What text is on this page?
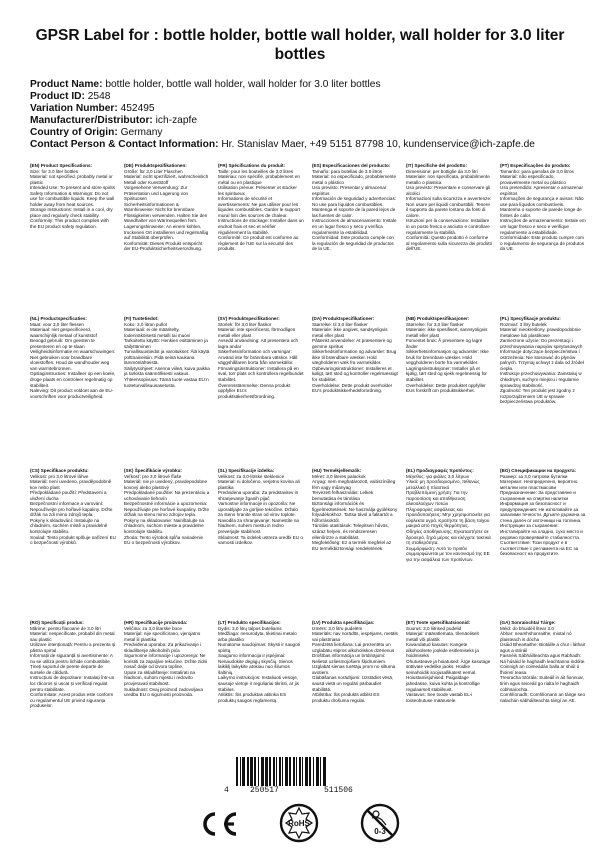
GPSR Label for : bottle holder, bottle wall holder, wall holder for 3.0 liter bottles
Product Name: bottle holder, bottle wall holder, wall holder for 3.0 liter bottles
Product ID: 2548
Variation Number: 452495
Manufacturer/Distributor: ich-zapfe
Country of Origin: Germany
Contact Person & Contact Information: Hr. Stanislav Maer, +49 5151 87798 10, kundenservice@ich-zapfe.de
(EN) Product Specifications:
Size: for 3.0 liter bottles
Material: not specified, probably metal or plastic
Intended Use: To present and store spirits
Safety Information & Warnings: Do not use for combustible liquids. Keep the wall holder away from heat sources.
Storage Instructions: Install in a cool, dry place and regularly check stability.
Conformity: This product complies with the EU product safety regulation.
(DE) Produktspezifikationen:
Größe: für 3,0 Liter Flaschen
Material: nicht spezifiziert, wahrscheinlich Metall oder Kunststoff
Vorgesehene Verwendung: Zur Präsentation und Lagerung von Spirituosen
Sicherheitsinformationen & Warnhinweise: Nicht für brennbare Flüssigkeiten verwenden. Halten Sie den Wandhalter von Wärmequellen fern.
Lagerungshinweise: An einem kühlen, trockenen Ort installieren und regelmäßig auf Stabilität überprüfen.
Konformität: Dieses Produkt entspricht der EU-Produktsicherheitsverordnung.
(FR) Spécifications du produit:
Taille: pour les bouteilles de 3,0 litres
Matériau: non spécifié, probablement en métal ou en plastique
Utilisation prévue: Présenter et stocker les spiritueux
Informations de sécurité et avertissements: Ne pas utiliser pour les liquides combustibles. Garder le support mural loin des sources de chaleur.
Instructions de stockage: Installer dans un endroit frais et sec et vérifier régulièrement la stabilité.
Conformité: Ce produit est conforme au règlement de l'UE sur la sécurité des produits.
(ES) Especificaciones del producto:
Tamaño: para botellas de 3.0 litros
Material: no especificado, probablemente metal o plástico
Uso previsto: Presentar y almacenar espíritus
Información de seguridad y advertencias: No use para líquidos combustibles. Mantenga el soporte de la pared lejos de las fuentes de calor.
Instrucciones de almacenamiento: Instale en un lugar fresco y seco y verifica regularmente la estabilidad.
Conformidad: Este producto cumple con la regulación de seguridad de productos de la UE.
(IT) Specifiche del prodotto:
Dimensione: per bottiglie da 3.0 litri
Materiale: non specificata, probabilmente metallo o plastica
Uso previsto: Presentare e conservare gli alcolici
Informazioni sulla sicurezza e avvertenze: Non usare per liquidi combustibili. Tenere il supporto da parete lontano da fonti di calore.
Istruzioni per la conservazione: Installare in un posto fresco e asciutto e controllare regolarmente la stabilità.
Conformità: Questo prodotto è conforme al regolamento sulla sicurezza dei prodotti dell'UE.
(PT) Especificações do produto:
Tamanho: para garrafas de 3,0 litros
Material: não especificado, provavelmente metal ou plástico
Uso pretendido: Apresentar e armazenar espíritos
Informações de segurança e avisos: Não use para líquidos combustíveis. Mantenha o suporte de parede longe de fontes de calor.
Instruções de armazenamento: Instale em um lugar fresco e seco e verifique regularmente a estabilidade.
Conformidade: Este produto cumpre com o regulamento de segurança de produtos da UE.
(NL) Productspecificaties:
Maat: voor 3,0 liter flessen
Materiaal: niet gespecificeerd, waarschijnlijk metaal of kunststof
Beoogd gebruik: Om geesten te presenteren en op te slaan
Veiligheidsinformatie en waarschuwingen: Niet gebruiken voor brandbare vloeistoffen. Houd de wandhouder weg van warmtebronnen.
Opslaginstructies: Installeer op een koele, droge plaats en controleer regelmatig op stabiliteit.
Naleving: Dit product voldoet aan de EU-voorschriften voor productveiligheid.
(FI) Tuotetiedot:
Koko: 3,0 litran pullot
Materiaali: ei ole määritelty, todennäköisesti metalli tai muovi
Tarkoitettu käyttö: Henkien esittäminen ja säilyttäminen
Turvallisuustiedot ja varoitukset: Älä käytä polttoaineisiin. Pidä seinä kaukana lämmönlähteistä.
Säilytysohjeet: Asenna viileä, kuiva paikka ja tarkista säännöllisesti vakaus.
Yhteensopivuus: Tämä tuote vastaa EU:n tuoteturvallisuusasetusta.
(SV) Produktspecifikationer:
Storlek: för 3,0 liter flaskor
Material: inte specificerat, förmodligen metall eller plast
Avsedd användning: Att presentera och lagra andar
Säkerhetsinformation och varningar: Använd inte för brännbara vätskor. Håll väggshållaren borta från värmekällor.
Förvaringsinstruktioner: Installera på en sval, torr plats och kontrollera regelbundet stabilitet.
Överensstämmelse: Denna produkt uppfyller EU:s produktsäkerhetsförordning.
(DA) Produktspecifikationer:
Størrelse: til 3,0 liter flasker
Materiale: ikke angivet, sandsynligvis metal eller plast
Påtænkt anvendelse: At præsentere og gemme spiritus
Sikkerhedsinformation og advarsler: Brug ikke til brændbare væsker. Hold vægholderen væk fra varmekilder.
Opbevaringsinstruktioner: Installeres et køligt, tørt sted og kontroller regelmæssigt for stabilitet.
Overholdelse: Dette produkt overholder EU's produktsikkerhedsforordning.
(NB) Produktspesifikasjoner:
Størrelse: for 3,0 liter flasker
Materiale: ikke spesifisert, sannsynligvis metall eller plast
Forventet bruk: Å presentere og lagre ånder
Sikkerhetsinformasjon og advarsler: Ikke bruk for brennbare væsker. Hold veggholderen borte fra varmekilder.
Lagringsinstruksjoner: Installer på et kjølig, tørt sted og sjekk regelmessig for stabilitet.
Overholdelse: Dette produktet oppfyller EUs forskrift om produktsikkerhet.
(PL) Specyfikacje produktu:
Rozmiar: 3 litry butelek
Materiał: nieokreślony, prawdopodobnie metalowe lub plastikowe
Zamierzone użycie: Do prezentacji i przechowywania napojów spirytusowych
Informacje dotyczące bezpieczeństwa i ostrzeżenia: Nie stosować do płynów palnych. Trzymaj uchwyt z dala od źródeł ciepła.
Instrukcje przechowywania: Zainstaluj w chłodnym, suchym miejscu i regularnie sprawdzaj stabilność.
Zgodność: Ten produkt jest zgodny z rozporządzeniem UE w sprawie bezpieczeństwa produktów.
(CS) Specifikace produktu:
Velikost: pro 3,0 litrové láhve
Materiál: není uvedeno, pravděpodobně kov nebo plast
Předpokládané použití: Představení a uložení ducha
Bezpečnostní informace a varování: Nepoužívejte pro hořlavé kapaliny. Držte držák na zdi mimo zdrojů tepla.
Pokyny k skladování: Instalujte na chladném, suchém místě a pravidelně kontrolujte stabilitu.
Soulad: Tento produkt splňuje nařízení EU o bezpečnosti výrobků.
(SK) Špecifikácie výrobku:
Veľkosť: pre 3,0 litrové fľaše
Materiál: nie je uvedený, pravdepodobne kovový alebo plastový
Predpokladané použitie: Na prezentáciu a uchovávanie liehovín
Bezpečnostné informácie a upozornenia: Nepoužívajte pre horľavé kvapaliny. Držte držiak na stenu mimo zdrojov tepla.
Pokyny na skladovanie: Nainštalujte na chladnom, suchom mieste a pravidelne kontrolujte stabilitu.
Zhoda: Tento výrobok spĺňa nariadenie EÚ o bezpečnosti výrobkov.
(SL) Specifikacije izdelka:
Velikost: za 3,0-litrske steklenice
Material: ni določeno, verjetno kovina ali plastika
Predvidena uporaba: Za predstavitev in shranjevanje žganih pijač
Varnostne informacije in opozorila: Ne uporabljajte za gorljive tekočine. Držalo za steno hranite stran od virov toplote.
Navodila za shranjevanje: Namestite na hladnem, suhem mestu in redno preverjajte stabilnost.
Skladnost: Ta izdelek ustreza uredbi EU o varnosti izdelkov.
(HU) Termékjellemzők:
Méret: 3,0 literes palackok
Anyag: nem meghatározott, valószínűleg fém vagy műanyag
Tervezett felhasználás: Lelkek bemutatása és tárolása
Biztonsági információk és figyelmeztetések: Ne használja gyúlékony folyadékokhoz. Tartsa távol a falitartót a hőforrásoktól.
Tárolási utasítások: Telepítsen hűvös, száraz helyen, és rendszeresen ellenőrizze a stabilitást.
Megfelelőség: Ez a termék megfelel az EU termékbiztonsági rendeletének.
(EL) Προδιαγραφές προϊόντος:
Μέγεθος: για φιάλες 3,0 λίτρων
Υλικό: μη προσδιορισμένο, πιθανώς μεταλλικό ή πλαστικό
Προβλεπόμενη χρήση: Για την παρουσίαση και αποθήκευση αλκοολούχων ποτών
Πληροφορίες ασφάλειας και προειδοποιήσεις: Μην χρησιμοποιείτε για εύφλεκτα υγρά. Κρατήστε τη βάση τοίχου μακριά από πηγές θερμότητας.
Οδηγίες αποθήκευσης: Εγκαταστήστε σε δροσερό, ξηρό μέρος και ελέγχετε τακτικά τη σταθερότητα.
Συμμόρφωση: Αυτό το προϊόν συμμορφώνεται με τον κανονισμό της ΕΕ για την ασφάλεια των προϊόντων.
(BG) Спецификации на продукта:
Размер: за 3,0 литрови бутилки
Материал: Неопределено, вероятно метални или пластмасови
Предназначение: За представяне и съхранение на спиртни напитки
Информация за безопасност и предупреждения: Не използвайте за запалими течности. Дръжте държача за стена далеч от източници на топлина.
Инструкции за съхранение: Инсталирайте на хладно, сухо място и редовно проверявайте стабилността.
Съответствие: Този продукт е в съответствие с регламента на ЕС за безопасност на продуктите.
(RO) Specificații produs:
Mărime: pentru flacoane de 3.0 litri
Material: nespecificate, probabil din metal sau plastic
Utilizare intenționată: Pentru a prezenta și păstra spirtul
Informații de siguranță și avertismente: A nu se utiliza pentru lichide combustibile. Țineți suportul de perete departe de sursele de căldură.
Instrucțiuni de depozitare: Instalați într-un loc răcoros și uscat și verificați regulat pentru stabilitate.
Conformitate: Acest produs este conform cu regulamentul UE privind siguranța produselor.
(HR) Specifikacije proizvoda:
Veličina: za 3,0 litarske boce
Materijal: nije specificirano, vjerojatno metal ili plastika
Predviđena uporaba: Za prikazivanje i skladištenje alkoholnih pića
Sigurnosne informacije i upozorenja: Ne koristiti za zapaljive tekućine. Držite zidni nosač dalje od izvora topline.
Upute za skladištenje: Instalirati na hladnom, suhom mjestu i redovito provjeravati stabilnost.
Sukladnost: Ovaj proizvod zadovoljava uredbu EU o sigurnosti proizvoda.
(LT) Produkto specifikacijos:
Dydis: 3,0 litrų talpos buteliams
Medžiaga: nenurodyta, tikėtinai metalo arba plastiko
Numatoma naudojimas: Skysti ir saugoti spiritą
Saugumo informacija ir įspėjimai: Nenaudokite degiųjų skysčių. Sienos laikiklį laikykite atokiau nuo šilumos šaltinių.
Laikymo instrukcijos: Instaliuoti vėsioje, sausoje vietoje ir reguliariai tikrinti, ar jis stabilus.
Atitiktis: Šis produktas atitinka ES produktų saugos reglamentą.
(LV) Produkta specifikācijas:
Izmērs: 3,0 litru pudelēm
Materiāls: nav norādīts, iespējams, metāls vai plastmasa
Paredzētā lietošana: Lai prezentētu un uzglabātu stipros alkoholiskos dzērienus
Drošības informācija un brīdinājumi: Nelietot uzliesmojošiem šķidrumiem. Uzglabāt sienas turētāju prom no siltuma avotiem.
Glabāšanas norādījumi: Uzstādiet vēsā, sausā vietā un regulāri pārbaudiet stabilitāti.
Atbilstība: Šis produkts atbilst ES produktu drošuma regulai.
(ET) Toote spetsifikatsioonid:
Suurus: 3,0 liitrised pudelid
Materjal: määratlemata, tõenäoliselt metall või plastik
Kavandatud kasutus: Kangete alkohoolsete jookide esitlemiseks ja hoidmiseks
Ohutusteave ja hoiatused: Ärge kasutage süttivate vedelike jaoks. Hoidke seinahoidik soojusallikatest eemal.
Hoiustamisjuhised: Paigaldage jahedasse, kuiva kohta ja kontrollige regulaarselt stabiilsust.
Vastavus: See toode vastab EL-i tooteohutuse määrusele.
(GA) Sonraíochtaí Táirge:
Méid: do bhuidéil lítear 3.0
Ábhar: neamhshonraithe, miotal nó plaisteach is dócha
Úsáid Bheartaithe: Biotáille a chur i láthair agus a stóráil
Faisnéis Sábháilteachta agus Rabhadh: Ná húsáid le haghaidh leachtanna indóite. Coinnigh an coimeádán balla ar shiúl ó fhoinsí teasa.
Treoracha Stórála: Suiteáil in áit fionnuar, tirim agus seiceáil go rialta le haghaidh cobhsaíochta.
Comhlíonadh: Comhlíonann an táirge seo rialachán sábháilteachta táirgí an AE.
4	250517	511506
RoHS
0-3
